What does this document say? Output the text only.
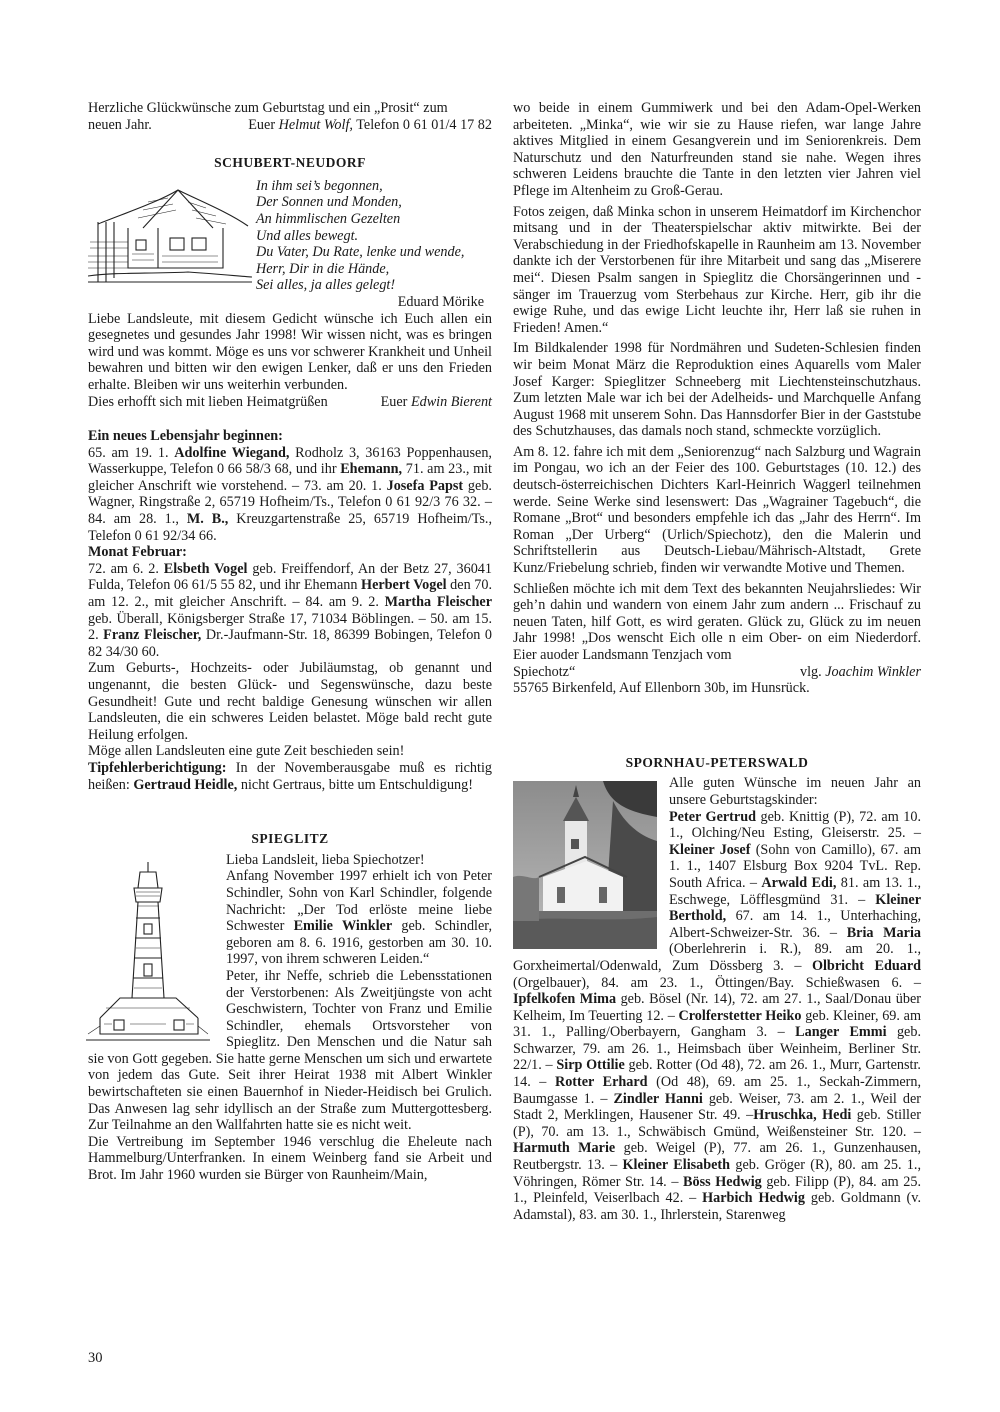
Herzliche Glückwünsche zum Geburtstag und ein „Prosit“ zum
neuen Jahr.	Euer Helmut Wolf, Telefon 0 61 01/4 17 82
SCHUBERT-NEUDORF
In ihm sei’s begonnen,
Der Sonnen und Monden,
An himmlischen Gezelten
Und alles bewegt.
Du Vater, Du Rate, lenke und wende,
Herr, Dir in die Hände,
Sei alles, ja alles gelegt!
Eduard Mörike

Liebe Landsleute, mit diesem Gedicht wünsche ich Euch allen ein gesegnetes und gesundes Jahr 1998! Wir wissen nicht, was es bringen wird und was kommt. Möge es uns vor schwerer Krankheit und Unheil bewahren und bitten wir den ewigen Lenker, daß er uns den Frieden erhalte. Bleiben wir uns weiterhin verbunden.

Dies erhofft sich mit lieben Heimatgrüßen	Euer Edwin Bierent
Ein neues Lebensjahr beginnen:

65. am 19. 1. Adolfine Wiegand, Rodholz 3, 36163 Poppenhausen, Wasserkuppe, Telefon 0 66 58/3 68, und ihr Ehemann, 71. am 23., mit gleicher Anschrift wie vorstehend. – 73. am 20. 1. Josefa Papst geb. Wagner, Ringstraße 2, 65719 Hofheim/Ts., Telefon 0 61 92/3 76 32. – 84. am 28. 1., M. B., Kreuzgartenstraße 25, 65719 Hofheim/Ts., Telefon 0 61 92/34 66.

Monat Februar:

72. am 6. 2. Elsbeth Vogel geb. Freiffendorf, An der Betz 27, 36041 Fulda, Telefon 06 61/5 55 82, und ihr Ehemann Herbert Vogel den 70. am 12. 2., mit gleicher Anschrift. – 84. am 9. 2. Martha Fleischer geb. Überall, Königsberger Straße 17, 71034 Böblingen. – 50. am 15. 2. Franz Fleischer, Dr.-Jaufmann-Str. 18, 86399 Bobingen, Telefon 0 82 34/30 60.

Zum Geburts-, Hochzeits- oder Jubiläumstag, ob genannt und ungenannt, die besten Glück- und Segenswünsche, dazu beste Gesundheit! Gute und recht baldige Genesung wünschen wir allen Landsleuten, die ein schweres Leiden belastet. Möge bald recht gute Heilung erfolgen.

Möge allen Landsleuten eine gute Zeit beschieden sein!

Tipfehlerberichtigung: In der Novemberausgabe muß es richtig heißen: Gertraud Heidle, nicht Gertraus, bitte um Entschuldigung!

SPIEGLITZ
Lieba Landsleit, lieba Spiechotzer!

Anfang November 1997 erhielt ich von Peter Schindler, Sohn von Karl Schindler, folgende Nachricht: „Der Tod erlöste meine liebe Schwester Emilie Winkler geb. Schindler, geboren am 8. 6. 1916, gestorben am 30. 10. 1997, von ihrem schweren Leiden.“

Peter, ihr Neffe, schrieb die Lebensstationen der Verstorbenen: Als Zweitjüngste von acht Geschwistern, Tochter von Franz und Emilie Schindler, ehemals Ortsvorsteher von Spieglitz. Den Menschen und die Natur sah sie von Gott gegeben. Sie hatte gerne Menschen um sich und erwartete von jedem das Gute. Seit ihrer Heirat 1938 mit Albert Winkler bewirtschafteten sie einen Bauernhof in Nieder-Heidisch bei Grulich. Das Anwesen lag sehr idyllisch an der Straße zum Muttergottesberg. Zur Teilnahme an den Wallfahrten hatte sie es nicht weit.

Die Vertreibung im September 1946 verschlug die Eheleute nach Hammelburg/Unterfranken. In einem Weinberg fand sie Arbeit und Brot. Im Jahr 1960 wurden sie Bürger von Raunheim/Main,

wo beide in einem Gummiwerk und bei den Adam-Opel-Werken arbeiteten. „Minka“, wie wir sie zu Hause riefen, war lange Jahre aktives Mitglied in einem Gesangverein und im Seniorenkreis. Dem Naturschutz und den Naturfreunden stand sie nahe. Wegen ihres schweren Leidens brauchte die Tante in den letzten vier Jahren viel Pflege im Altenheim zu Groß-Gerau.

Fotos zeigen, daß Minka schon in unserem Heimatdorf im Kirchenchor mitsang und in der Theaterspielschar aktiv mitwirkte. Bei der Verabschiedung in der Friedhofskapelle in Raunheim am 13. November dankte ich der Verstorbenen für ihre Mitarbeit und sang das „Miserere mei“. Diesen Psalm sangen in Spieglitz die Chorsängerinnen und -sänger im Trauerzug vom Sterbehaus zur Kirche. Herr, gib ihr die ewige Ruhe, und das ewige Licht leuchte ihr, Herr laß sie ruhen in Frieden! Amen.“

Im Bildkalender 1998 für Nordmähren und Sudeten-Schlesien finden wir beim Monat März die Reproduktion eines Aquarells vom Maler Josef Karger: Spieglitzer Schneeberg mit Liechtensteinschutzhaus. Zum letzten Male war ich bei der Adelheids- und Marchquelle Anfang August 1968 mit unserem Sohn. Das Hannsdorfer Bier in der Gaststube des Schutzhauses, das damals noch stand, schmeckte vorzüglich.

Am 8. 12. fahre ich mit dem „Seniorenzug“ nach Salzburg und Wagrain im Pongau, wo ich an der Feier des 100. Geburtstages (10. 12.) des deutsch-österreichischen Dichters Karl-Heinrich Waggerl teilnehmen werde. Seine Werke sind lesenswert: Das „Wagrainer Tagebuch“, die Romane „Brot“ und besonders empfehle ich das „Jahr des Herrn“. Im Roman „Der Urberg“ (Urlich/Spiechotz), den die Malerin und Schriftstellerin aus Deutsch-Liebau/Mährisch-Altstadt, Grete Kunz/Friebelung schrieb, finden wir verwandte Motive und Themen.

Schließen möchte ich mit dem Text des bekannten Neujahrsliedes: Wir geh’n dahin und wandern von einem Jahr zum andern ... Frischauf zu neuen Taten, hilf Gott, es wird geraten. Glück zu, Glück zu im neuen Jahr 1998! „Dos wenscht Eich olle n eim Ober- on eim Niederdorf. Eier auoder Landsmann Tenzjach vom

Spiechotz“	vlg. Joachim Winkler
55765 Birkenfeld, Auf Ellenborn 30b, im Hunsrück.
SPORNHAU-PETERSWALD

Alle guten Wünsche im neuen Jahr an unsere Geburtstagskinder:
Peter Gertrud geb. Knittig (P), 72. am 10. 1., Olching/Neu Esting, Gleiserstr. 25. – Kleiner Josef (Sohn von Camillo), 67. am 1. 1., 1407 Elsburg Box 9204 TvL. Rep. South Africa. – Arwald Edi, 81. am 13. 1., Eschwege, Löfflesgmünd 31. – Kleiner Berthold, 67. am 14. 1., Unterhaching, Albert-Schweizer-Str. 36. – Bria Maria (Oberlehrerin i. R.), 89. am 20. 1., Gorxheimertal/Odenwald, Zum Dössberg 3. – Olbricht Eduard (Orgelbauer), 84. am 23. 1., Öttingen/Bay. Schießwasen 6. – Ipfelkofen Mima geb. Bösel (Nr. 14), 72. am 27. 1., Saal/Donau über Kelheim, Im Teuerting 12. – Crolferstetter Heiko geb. Kleiner, 69. am 31. 1., Palling/Oberbayern, Gangham 3. – Langer Emmi geb. Schwarzer, 79. am 26. 1., Heimsbach über Weinheim, Berliner Str. 22/1. – Sirp Ottilie geb. Rotter (Od 48), 72. am 26. 1., Murr, Gartenstr. 14. – Rotter Erhard (Od 48), 69. am 25. 1., Seckah-Zimmern, Baumgasse 1. – Zindler Hanni geb. Weiser, 73. am 2. 1., Weil der Stadt 2, Merklingen, Hausener Str. 49. –Hruschka, Hedi geb. Stiller (P), 70. am 13. 1., Schwäbisch Gmünd, Weißensteiner Str. 120. – Harmuth Marie geb. Weigel (P), 77. am 26. 1., Gunzenhausen, Reutbergstr. 13. – Kleiner Elisabeth geb. Gröger (R), 80. am 25. 1., Vöhringen, Römer Str. 14. – Böss Hedwig geb. Filipp (P), 84. am 25. 1., Pleinfeld, Veiserlbach 42. – Harbich Hedwig geb. Goldmann (v. Adamstal), 83. am 30. 1., Ihrlerstein, Starenweg

30
